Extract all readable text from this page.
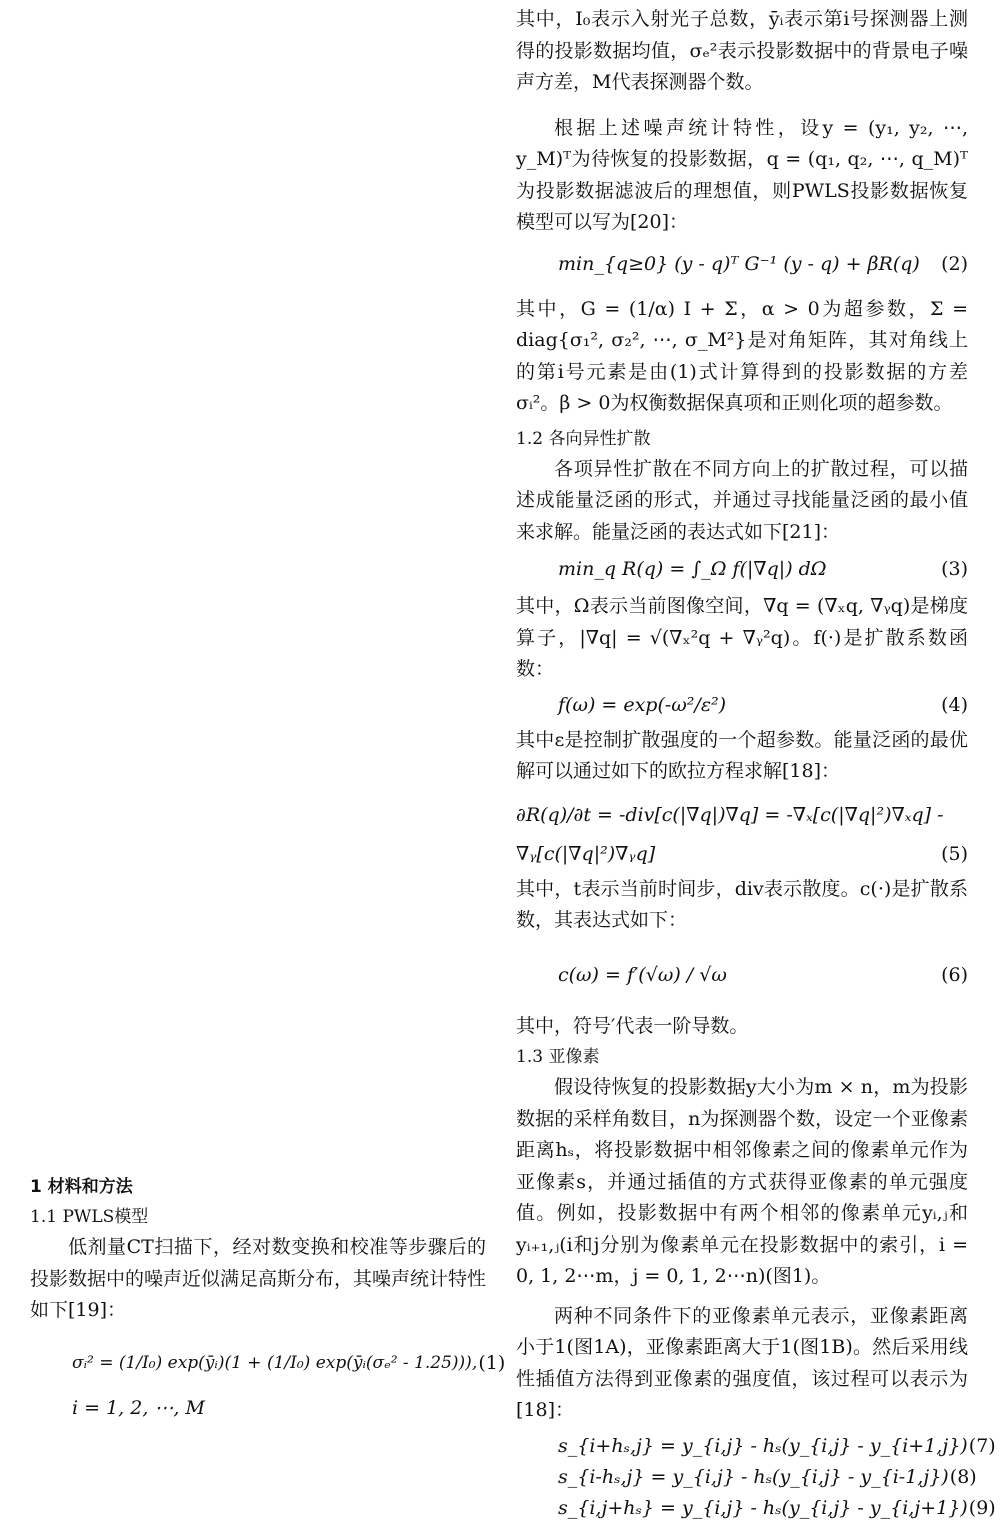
其中，I₀表示入射光子总数，ȳᵢ表示第i号探测器上测得的投影数据均值，σₑ²表示投影数据中的背景电子噪声方差，M代表探测器个数。

根据上述噪声统计特性，设y = (y₁, y₂, ⋯, y_M)ᵀ为待恢复的投影数据，q = (q₁, q₂, ⋯, q_M)ᵀ为投影数据滤波后的理想值，则PWLS投影数据恢复模型可以写为[20]：

min_{q≥0} (y - q)ᵀ G⁻¹ (y - q) + βR(q) (2)

其中，G = (1/α) I + Σ，α > 0为超参数，Σ = diag{σ₁², σ₂², ⋯, σ_M²}是对角矩阵，其对角线上的第i号元素是由(1)式计算得到的投影数据的方差σᵢ²。β > 0为权衡数据保真项和正则化项的超参数。

1.2 各向异性扩散

各项异性扩散在不同方向上的扩散过程，可以描述成能量泛函的形式，并通过寻找能量泛函的最小值来求解。能量泛函的表达式如下[21]：

min_q R(q) = ∫_Ω f(|∇q|) dΩ	(3)

其中，Ω表示当前图像空间，∇q = (∇ₓq, ∇ᵧq)是梯度算子，|∇q| = √(∇ₓ²q + ∇ᵧ²q)。f(·)是扩散系数函数：

f(ω) = exp(-ω²/ε²)	(4)

其中ε是控制扩散强度的一个超参数。能量泛函的最优解可以通过如下的欧拉方程求解[18]：

∂R(q)/∂t = -div[c(|∇q|)∇q] = -∇ₓ[c(|∇q|²)∇ₓq] -
∇ᵧ[c(|∇q|²)∇ᵧq]	(5)

其中，t表示当前时间步，div表示散度。c(·)是扩散系数，其表达式如下：

c(ω) = f′(√ω) / √ω	(6)

其中，符号′代表一阶导数。

1.3 亚像素

假设待恢复的投影数据y大小为m × n，m为投影数据的采样角数目，n为探测器个数，设定一个亚像素距离hₛ，将投影数据中相邻像素之间的像素单元作为亚像素s，并通过插值的方式获得亚像素的单元强度值。例如，投影数据中有两个相邻的像素单元yᵢ,ⱼ和yᵢ₊₁,ⱼ(i和j分别为像素单元在投影数据中的索引，i = 0, 1, 2⋯m，j = 0, 1, 2⋯n)(图1)。

两种不同条件下的亚像素单元表示，亚像素距离小于1(图1A)，亚像素距离大于1(图1B)。然后采用线性插值方法得到亚像素的强度值，该过程可以表示为[18]：

s_{i+hₛ,j} = y_{i,j} - hₛ(y_{i,j} - y_{i+1,j}) (7)
s_{i-hₛ,j} = y_{i,j} - hₛ(y_{i,j} - y_{i-1,j}) (8)
s_{i,j+hₛ} = y_{i,j} - hₛ(y_{i,j} - y_{i,j+1}) (9)

1 材料和方法

1.1 PWLS模型

低剂量CT扫描下，经对数变换和校准等步骤后的投影数据中的噪声近似满足高斯分布，其噪声统计特性如下[19]：

σᵢ² = (1/I₀) exp(ȳᵢ)(1 + (1/I₀) exp(ȳᵢ(σₑ² - 1.25))), (1)
i = 1, 2, ⋯, M
